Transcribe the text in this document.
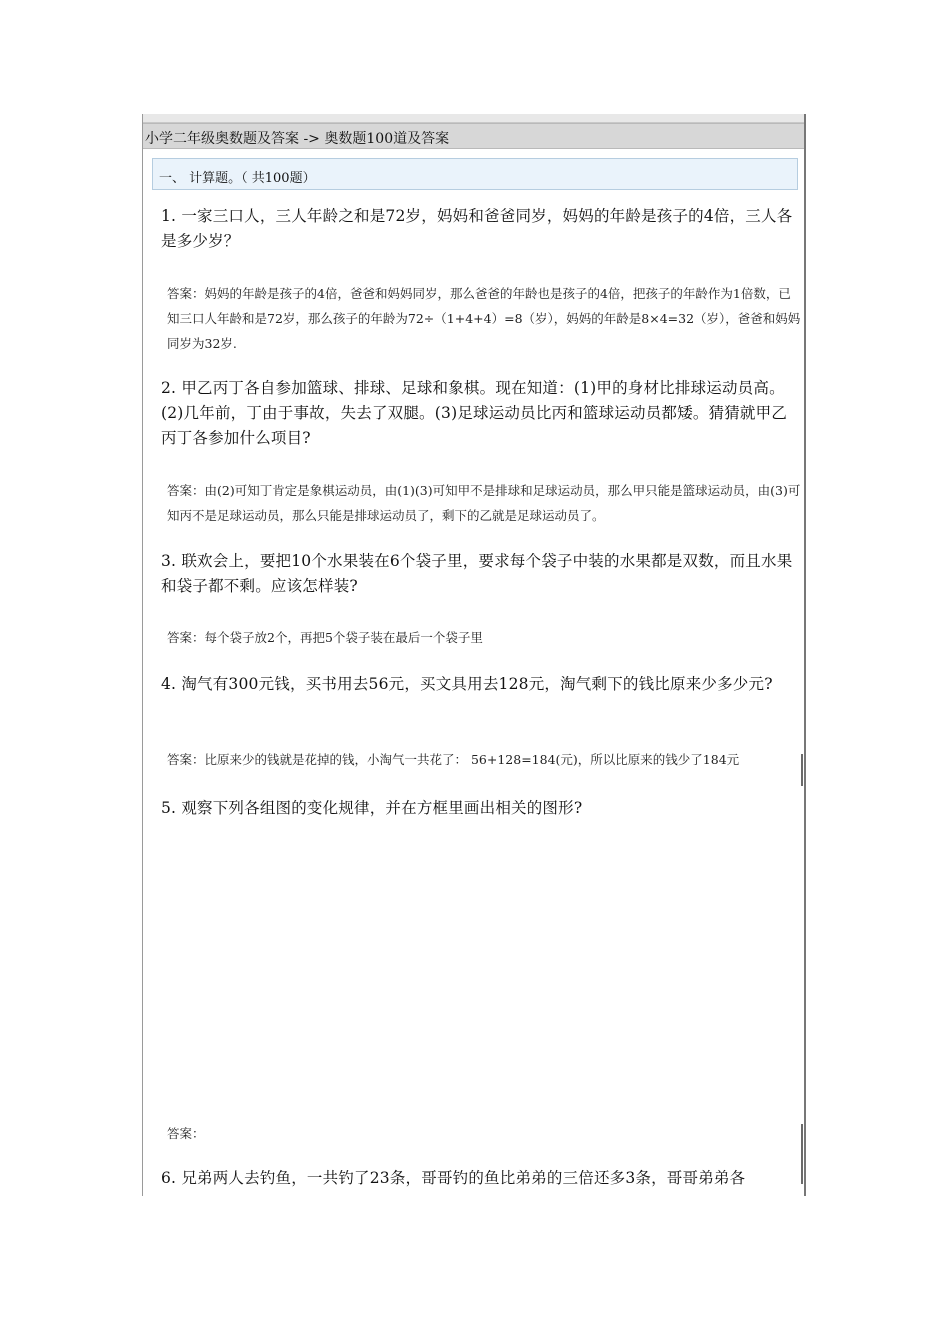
小学二年级奥数题及答案 -> 奥数题100道及答案
一、 计算题。（ 共100题）
1. 一家三口人，三人年龄之和是72岁，妈妈和爸爸同岁，妈妈的年龄是孩子的4倍，三人各是多少岁？
答案：妈妈的年龄是孩子的4倍，爸爸和妈妈同岁，那么爸爸的年龄也是孩子的4倍，把孩子的年龄作为1倍数，已知三口人年龄和是72岁，那么孩子的年龄为72÷（1+4+4）=8（岁），妈妈的年龄是8×4=32（岁），爸爸和妈妈同岁为32岁.
2. 甲乙丙丁各自参加篮球、排球、足球和象棋。现在知道：(1)甲的身材比排球运动员高。(2)几年前，丁由于事故，失去了双腿。(3)足球运动员比丙和篮球运动员都矮。猜猜就甲乙丙丁各参加什么项目?
答案：由(2)可知丁肯定是象棋运动员，由(1)(3)可知甲不是排球和足球运动员，那么甲只能是篮球运动员，由(3)可知丙不是足球运动员，那么只能是排球运动员了，剩下的乙就是足球运动员了。
3. 联欢会上，要把10个水果装在6个袋子里，要求每个袋子中装的水果都是双数，而且水果和袋子都不剩。应该怎样装?
答案：每个袋子放2个，再把5个袋子装在最后一个袋子里
4. 淘气有300元钱，买书用去56元，买文具用去128元，淘气剩下的钱比原来少多少元?
答案：比原来少的钱就是花掉的钱，小淘气一共花了： 56+128=184(元)，所以比原来的钱少了184元
5. 观察下列各组图的变化规律，并在方框里画出相关的图形?
答案：
6. 兄弟两人去钓鱼，一共钓了23条，哥哥钓的鱼比弟弟的三倍还多3条，哥哥弟弟各
